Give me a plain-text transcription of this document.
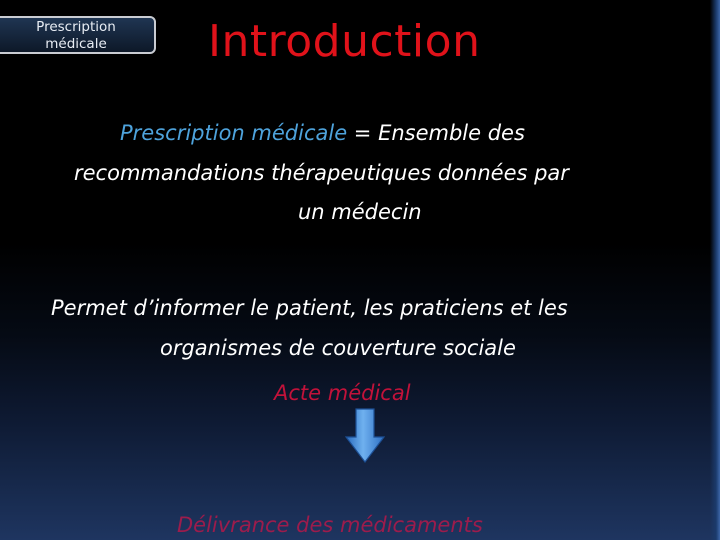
Prescription
médicale	Introduction

Prescription médicale = Ensemble des

recommandations thérapeutiques données par

un médecin

Permet d’informer le patient, les praticiens et les

organismes de couverture sociale

Acte médical

Délivrance des médicaments
